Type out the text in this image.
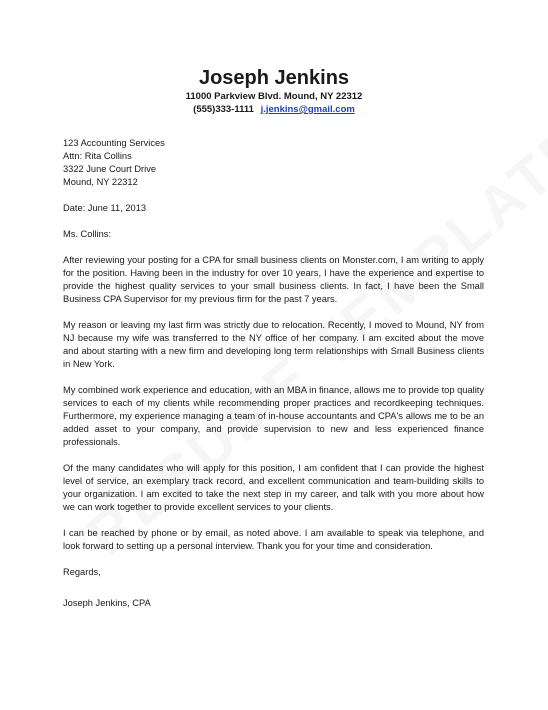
Joseph Jenkins
11000 Parkview Blvd. Mound, NY 22312
(555)333-1111 j.jenkins@gmail.com
123 Accounting Services
Attn: Rita Collins
3322 June Court Drive
Mound, NY 22312
Date: June 11, 2013
Ms. Collins:

After reviewing your posting for a CPA for small business clients on Monster.com, I am writing to apply for the position. Having been in the industry for over 10 years, I have the experience and expertise to provide the highest quality services to your small business clients. In fact, I have been the Small Business CPA Supervisor for my previous firm for the past 7 years.

My reason or leaving my last firm was strictly due to relocation. Recently, I moved to Mound, NY from NJ because my wife was transferred to the NY office of her company. I am excited about the move and about starting with a new firm and developing long term relationships with Small Business clients in New York.

My combined work experience and education, with an MBA in finance, allows me to provide top quality services to each of my clients while recommending proper practices and recordkeeping techniques. Furthermore, my experience managing a team of in-house accountants and CPA's allows me to be an added asset to your company, and provide supervision to new and less experienced finance professionals.

Of the many candidates who will apply for this position, I am confident that I can provide the highest level of service, an exemplary track record, and excellent communication and team-building skills to your organization. I am excited to take the next step in my career, and talk with you more about how we can work together to provide excellent services to your clients.

I can be reached by phone or by email, as noted above. I am available to speak via telephone, and look forward to setting up a personal interview. Thank you for your time and consideration.

Regards,
Joseph Jenkins, CPA
